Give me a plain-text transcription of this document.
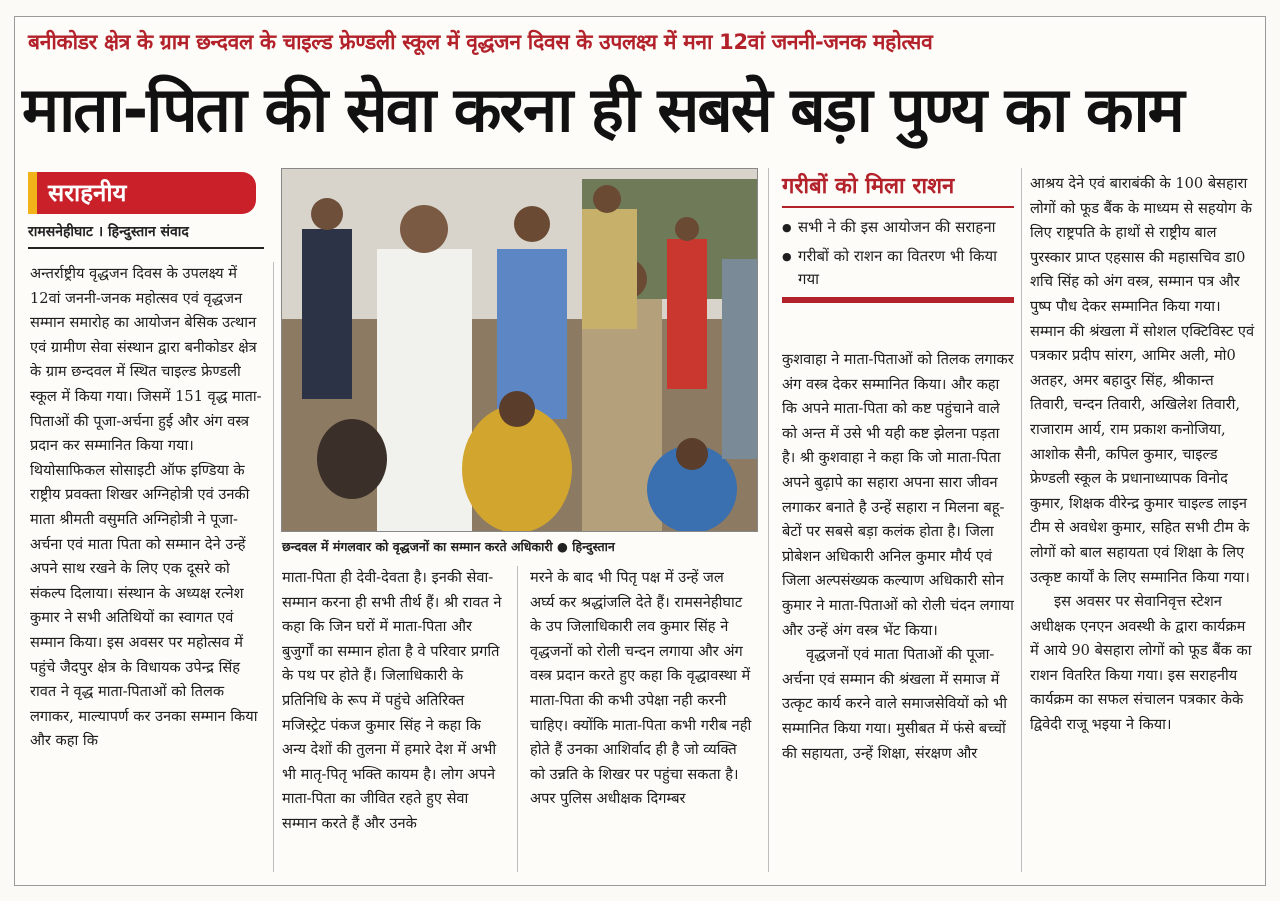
बनीकोडर क्षेत्र के ग्राम छन्दवल के चाइल्ड फ्रेण्डली स्कूल में वृद्धजन दिवस के उपलक्ष्य में मना 12वां जननी-जनक महोत्सव
माता-पिता की सेवा करना ही सबसे बड़ा पुण्य का काम
सराहनीय
रामसनेहीघाट । हिन्दुस्तान संवाद

अन्तर्राष्ट्रीय वृद्धजन दिवस के उपलक्ष्य में 12वां जननी-जनक महोत्सव एवं वृद्धजन सम्मान समारोह का आयोजन बेसिक उत्थान एवं ग्रामीण सेवा संस्थान द्वारा बनीकोडर क्षेत्र के ग्राम छन्दवल में स्थित चाइल्ड फ्रेण्डली स्कूल में किया गया। जिसमें 151 वृद्ध माता-पिताओं की पूजा-अर्चना हुई और अंग वस्त्र प्रदान कर सम्मानित किया गया। थियोसाफिकल सोसाइटी ऑफ इण्डिया के राष्ट्रीय प्रवक्ता शिखर अग्निहोत्री एवं उनकी माता श्रीमती वसुमति अग्निहोत्री ने पूजा-अर्चना एवं माता पिता को सम्मान देने उन्हें अपने साथ रखने के लिए एक दूसरे को संकल्प दिलाया। संस्थान के अध्यक्ष रत्नेश कुमार ने सभी अतिथियों का स्वागत एवं सम्मान किया। इस अवसर पर महोत्सव में पहुंचे जैदपुर क्षेत्र के विधायक उपेन्द्र सिंह रावत ने वृद्ध माता-पिताओं को तिलक लगाकर, माल्यापर्ण कर उनका सम्मान किया और कहा कि

छन्दवल में मंगलवार को वृद्धजनों का सम्मान करते अधिकारी ● हिन्दुस्तान

माता-पिता ही देवी-देवता है। इनकी सेवा-सम्मान करना ही सभी तीर्थ हैं। श्री रावत ने कहा कि जिन घरों में माता-पिता और बुजुर्गों का सम्मान होता है वे परिवार प्रगति के पथ पर होते हैं। जिलाधिकारी के प्रतिनिधि के रूप में पहुंचे अतिरिक्त मजिस्ट्रेट पंकज कुमार सिंह ने कहा कि अन्य देशों की तुलना में हमारे देश में अभी भी मातृ-पितृ भक्ति कायम है। लोग अपने माता-पिता का जीवित रहते हुए सेवा सम्मान करते हैं और उनके

मरने के बाद भी पितृ पक्ष में उन्हें जल अर्घ्य कर श्रद्धांजलि देते हैं। रामसनेहीघाट के उप जिलाधिकारी लव कुमार सिंह ने वृद्धजनों को रोली चन्दन लगाया और अंग वस्त्र प्रदान करते हुए कहा कि वृद्धावस्था में माता-पिता की कभी उपेक्षा नही करनी चाहिए। क्योंकि माता-पिता कभी गरीब नही होते हैं उनका आशिर्वाद ही है जो व्यक्ति को उन्नति के शिखर पर पहुंचा सकता है। अपर पुलिस अधीक्षक दिगम्बर

गरीबों को मिला राशन
● सभी ने की इस आयोजन की सराहना
● गरीबों को राशन का वितरण भी किया गया

कुशवाहा ने माता-पिताओं को तिलक लगाकर अंग वस्त्र देकर सम्मानित किया। और कहा कि अपने माता-पिता को कष्ट पहुंचाने वाले को अन्त में उसे भी यही कष्ट झेलना पड़ता है। श्री कुशवाहा ने कहा कि जो माता-पिता अपने बुढ़ापे का सहारा अपना सारा जीवन लगाकर बनाते है उन्हें सहारा न मिलना बहू-बेटों पर सबसे बड़ा कलंक होता है। जिला प्रोबेशन अधिकारी अनिल कुमार मौर्य एवं जिला अल्पसंख्यक कल्याण अधिकारी सोन कुमार ने माता-पिताओं को रोली चंदन लगाया और उन्हें अंग वस्त्र भेंट किया।

वृद्धजनों एवं माता पिताओं की पूजा-अर्चना एवं सम्मान की श्रंखला में समाज में उत्कृट कार्य करने वाले समाजसेवियों को भी सम्मानित किया गया। मुसीबत में फंसे बच्चों की सहायता, उन्हें शिक्षा, संरक्षण और

आश्रय देने एवं बाराबंकी के 100 बेसहारा लोगों को फूड बैंक के माध्यम से सहयोग के लिए राष्ट्रपति के हाथों से राष्ट्रीय बाल पुरस्कार प्राप्त एहसास की महासचिव डा0 शचि सिंह को अंग वस्त्र, सम्मान पत्र और पुष्प पौध देकर सम्मानित किया गया। सम्मान की श्रंखला में सोशल एक्टिविस्ट एवं पत्रकार प्रदीप सांरग, आमिर अली, मो0 अतहर, अमर बहादुर सिंह, श्रीकान्त तिवारी, चन्दन तिवारी, अखिलेश तिवारी, राजाराम आर्य, राम प्रकाश कनोजिया, आशोक सैनी, कपिल कुमार, चाइल्ड फ्रेण्डली स्कूल के प्रधानाध्यापक विनोद कुमार, शिक्षक वीरेन्द्र कुमार चाइल्ड लाइन टीम से अवधेश कुमार, सहित सभी टीम के लोगों को बाल सहायता एवं शिक्षा के लिए उत्कृष्ट कार्यों के लिए सम्मानित किया गया।

इस अवसर पर सेवानिवृत्त स्टेशन अधीक्षक एनएन अवस्थी के द्वारा कार्यक्रम में आये 90 बेसहारा लोगों को फूड बैंक का राशन वितरित किया गया। इस सराहनीय कार्यक्रम का सफल संचालन पत्रकार केके द्विवेदी राजू भइया ने किया।
